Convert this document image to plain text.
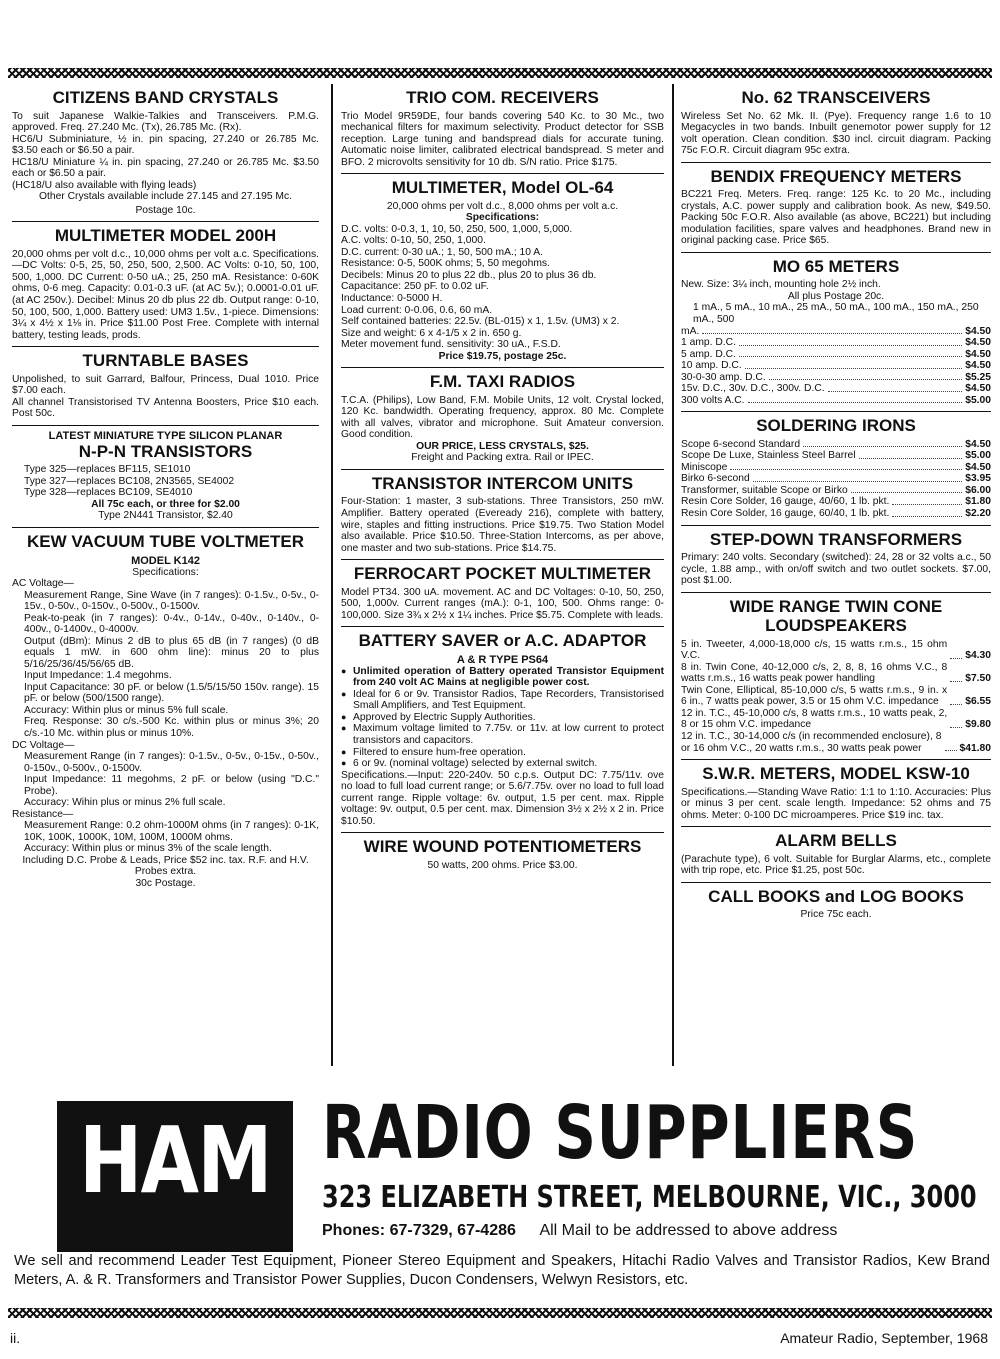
CITIZENS BAND CRYSTALS

To suit Japanese Walkie-Talkies and Transceivers. P.M.G. approved. Freq. 27.240 Mc. (Tx), 26.785 Mc. (Rx).

HC6/U Subminiature, ½ in. pin spacing, 27.240 or 26.785 Mc. $3.50 each or $6.50 a pair.

HC18/U Miniature ¼ in. pin spacing, 27.240 or 26.785 Mc. $3.50 each or $6.50 a pair.

(HC18/U also available with flying leads)

Other Crystals available include 27.145 and 27.195 Mc.

Postage 10c.

MULTIMETER MODEL 200H

20,000 ohms per volt d.c., 10,000 ohms per volt a.c. Specifications.—DC Volts: 0-5, 25, 50, 250, 500, 2,500. AC Volts: 0-10, 50, 100, 500, 1,000. DC Current: 0-50 uA.; 25, 250 mA. Resistance: 0-60K ohms, 0-6 meg. Capacity: 0.01-0.3 uF. (at AC 5v.); 0.0001-0.01 uF. (at AC 250v.). Decibel: Minus 20 db plus 22 db. Output range: 0-10, 50, 100, 500, 1,000. Battery used: UM3 1.5v., 1-piece. Dimensions: 3¼ x 4½ x 1⅛ in. Price $11.00 Post Free. Complete with internal battery, testing leads, prods.

TURNTABLE BASES

Unpolished, to suit Garrard, Balfour, Princess, Dual 1010. Price $7.00 each.

All channel Transistorised TV Antenna Boosters, Price $10 each. Post 50c.

LATEST MINIATURE TYPE SILICON PLANAR
N-P-N TRANSISTORS

Type 325—replaces BF115, SE1010

Type 327—replaces BC108, 2N3565, SE4002

Type 328—replaces BC109, SE4010

All 75c each, or three for $2.00

Type 2N441 Transistor, $2.40

KEW VACUUM TUBE VOLTMETER
MODEL K142

Specifications:

AC Voltage—

Measurement Range, Sine Wave (in 7 ranges): 0-1.5v., 0-5v., 0-15v., 0-50v., 0-150v., 0-500v., 0-1500v.

Peak-to-peak (in 7 ranges): 0-4v., 0-14v., 0-40v., 0-140v., 0-400v., 0-1400v., 0-4000v.

Output (dBm): Minus 2 dB to plus 65 dB (in 7 ranges) (0 dB equals 1 mW. in 600 ohm line): minus 20 to plus 5/16/25/36/45/56/65 dB.

Input Impedance: 1.4 megohms.

Input Capacitance: 30 pF. or below (1.5/5/15/50 150v. range). 15 pF. or below (500/1500 range).

Accuracy: Within plus or minus 5% full scale.

Freq. Response: 30 c/s.-500 Kc. within plus or minus 3%; 20 c/s.-10 Mc. within plus or minus 10%.

DC Voltage—

Measurement Range (in 7 ranges): 0-1.5v., 0-5v., 0-15v., 0-50v., 0-150v., 0-500v., 0-1500v.

Input Impedance: 11 megohms, 2 pF. or below (using "D.C." Probe).

Accuracy: Wihin plus or minus 2% full scale.

Resistance—

Measurement Range: 0.2 ohm-1000M ohms (in 7 ranges): 0-1K, 10K, 100K, 1000K, 10M, 100M, 1000M ohms.

Accuracy: Within plus or minus 3% of the scale length.

Including D.C. Probe & Leads, Price $52 inc. tax. R.F. and H.V. Probes extra.

30c Postage.

TRIO COM. RECEIVERS

Trio Model 9R59DE, four bands covering 540 Kc. to 30 Mc., two mechanical filters for maximum selectivity. Product detector for SSB reception. Large tuning and bandspread dials for accurate tuning. Automatic noise limiter, calibrated electrical bandspread. S meter and BFO. 2 microvolts sensitivity for 10 db. S/N ratio. Price $175.

MULTIMETER, Model OL-64

20,000 ohms per volt d.c., 8,000 ohms per volt a.c.

Specifications:

D.C. volts: 0-0.3, 1, 10, 50, 250, 500, 1,000, 5,000.

A.C. volts: 0-10, 50, 250, 1,000.

D.C. current: 0-30 uA.; 1, 50, 500 mA.; 10 A.

Resistance: 0-5, 500K ohms; 5, 50 megohms.

Decibels: Minus 20 to plus 22 db., plus 20 to plus 36 db.

Capacitance: 250 pF. to 0.02 uF.

Inductance: 0-5000 H.

Load current: 0-0.06, 0.6, 60 mA.

Self contained batteries: 22.5v. (BL-015) x 1, 1.5v. (UM3) x 2.

Size and weight: 6 x 4-1/5 x 2 in. 650 g.

Meter movement fund. sensitivity: 30 uA., F.S.D.

Price $19.75, postage 25c.

F.M. TAXI RADIOS

T.C.A. (Philips), Low Band, F.M. Mobile Units, 12 volt. Crystal locked, 120 Kc. bandwidth. Operating frequency, approx. 80 Mc. Complete with all valves, vibrator and microphone. Suit Amateur conversion. Good condition.

OUR PRICE, LESS CRYSTALS, $25.

Freight and Packing extra. Rail or IPEC.

TRANSISTOR INTERCOM UNITS

Four-Station: 1 master, 3 sub-stations. Three Transistors, 250 mW. Amplifier. Battery operated (Eveready 216), complete with battery, wire, staples and fitting instructions. Price $19.75. Two Station Model also available. Price $10.50. Three-Station Intercoms, as per above, one master and two sub-stations. Price $14.75.

FERROCART POCKET MULTIMETER

Model PT34. 300 uA. movement. AC and DC Voltages: 0-10, 50, 250, 500, 1,000v. Current ranges (mA.): 0-1, 100, 500. Ohms range: 0-100,000. Size 3¾ x 2½ x 1¼ inches. Price $5.75. Complete with leads.

BATTERY SAVER or A.C. ADAPTOR
A & R TYPE PS64
● Unlimited operation of Battery operated Transistor Equipment from 240 volt AC Mains at negligible power cost.
● Ideal for 6 or 9v. Transistor Radios, Tape Recorders, Transistorised Small Amplifiers, and Test Equipment.
● Approved by Electric Supply Authorities.
● Maximum voltage limited to 7.75v. or 11v. at low current to protect transistors and capacitors.
● Filtered to ensure hum-free operation.
● 6 or 9v. (nominal voltage) selected by external switch.

Specifications.—Input: 220-240v. 50 c.p.s. Output DC: 7.75/11v. ove no load to full load current range; or 5.6/7.75v. over no load to full load current range. Ripple voltage: 6v. output, 1.5 per cent. max. Ripple voltage: 9v. output, 0.5 per cent. max. Dimension 3½ x 2½ x 2 in. Price $10.50.

WIRE WOUND POTENTIOMETERS

50 watts, 200 ohms. Price $3.00.

No. 62 TRANSCEIVERS

Wireless Set No. 62 Mk. II. (Pye). Frequency range 1.6 to 10 Megacycles in two bands. Inbuilt genemotor power supply for 12 volt operation. Clean condition. $30 incl. circuit diagram. Packing 75c F.O.R. Circuit diagram 95c extra.

BENDIX FREQUENCY METERS

BC221 Freq. Meters. Freq. range: 125 Kc. to 20 Mc., including crystals, A.C. power supply and calibration book. As new, $49.50. Packing 50c F.O.R. Also available (as above, BC221) but including modulation facilities, spare valves and headphones. Brand new in original packing case. Price $65.

MO 65 METERS

New. Size: 3¼ inch, mounting hole 2½ inch.

All plus Postage 20c.

1 mA., 5 mA., 10 mA., 25 mA., 50 mA., 100 mA., 150 mA., 250 mA., 500

mA.	$4.50
1 amp. D.C.	$4.50
5 amp. D.C.	$4.50
10 amp. D.C.	$4.50
30-0-30 amp. D.C.	$5.25
15v. D.C., 30v. D.C., 300v. D.C.	$4.50
300 volts A.C.	$5.00
SOLDERING IRONS
Scope 6-second Standard	$4.50
Scope De Luxe, Stainless Steel Barrel	$5.00
Miniscope	$4.50
Birko 6-second	$3.95
Transformer, suitable Scope or Birko	$6.00
Resin Core Solder, 16 gauge, 40/60, 1 lb. pkt.	$1.80
Resin Core Solder, 16 gauge, 60/40, 1 lb. pkt.	$2.20
STEP-DOWN TRANSFORMERS

Primary: 240 volts. Secondary (switched): 24, 28 or 32 volts a.c., 50 cycle, 1.88 amp., with on/off switch and two outlet sockets. $7.00, post $1.00.

WIDE RANGE TWIN CONE LOUDSPEAKERS
5 in. Tweeter, 4,000-18,000 c/s, 15 watts r.m.s., 15 ohm V.C.	$4.30
8 in. Twin Cone, 40-12,000 c/s, 2, 8, 8, 16 ohms V.C., 8 watts r.m.s., 16 watts peak power handling	$7.50
Twin Cone, Elliptical, 85-10,000 c/s, 5 watts r.m.s., 9 in. x 6 in., 7 watts peak power, 3.5 or 15 ohm V.C. impedance	$6.55
12 in. T.C., 45-10,000 c/s, 8 watts r.m.s., 10 watts peak, 2, 8 or 15 ohm V.C. impedance	$9.80
12 in. T.C., 30-14,000 c/s (in recommended enclosure), 8 or 16 ohm V.C., 20 watts r.m.s., 30 watts peak power	$41.80
S.W.R. METERS, MODEL KSW-10

Specifications.—Standing Wave Ratio: 1:1 to 1:10. Accuracies: Plus or minus 3 per cent. scale length. Impedance: 52 ohms and 75 ohms. Meter: 0-100 DC microamperes. Price $19 inc. tax.

ALARM BELLS

(Parachute type), 6 volt. Suitable for Burglar Alarms, etc., complete with trip rope, etc. Price $1.25, post 50c.

CALL BOOKS and LOG BOOKS

Price 75c each.

HAM RADIO SUPPLIERS
323 ELIZABETH STREET, MELBOURNE, VIC., 3000
Phones: 67-7329, 67-4286 All Mail to be addressed to above address
We sell and recommend Leader Test Equipment, Pioneer Stereo Equipment and Speakers, Hitachi Radio Valves and Transistor Radios, Kew Brand Meters, A. & R. Transformers and Transistor Power Supplies, Ducon Condensers, Welwyn Resistors, etc.
ii.	Amateur Radio, September, 1968
